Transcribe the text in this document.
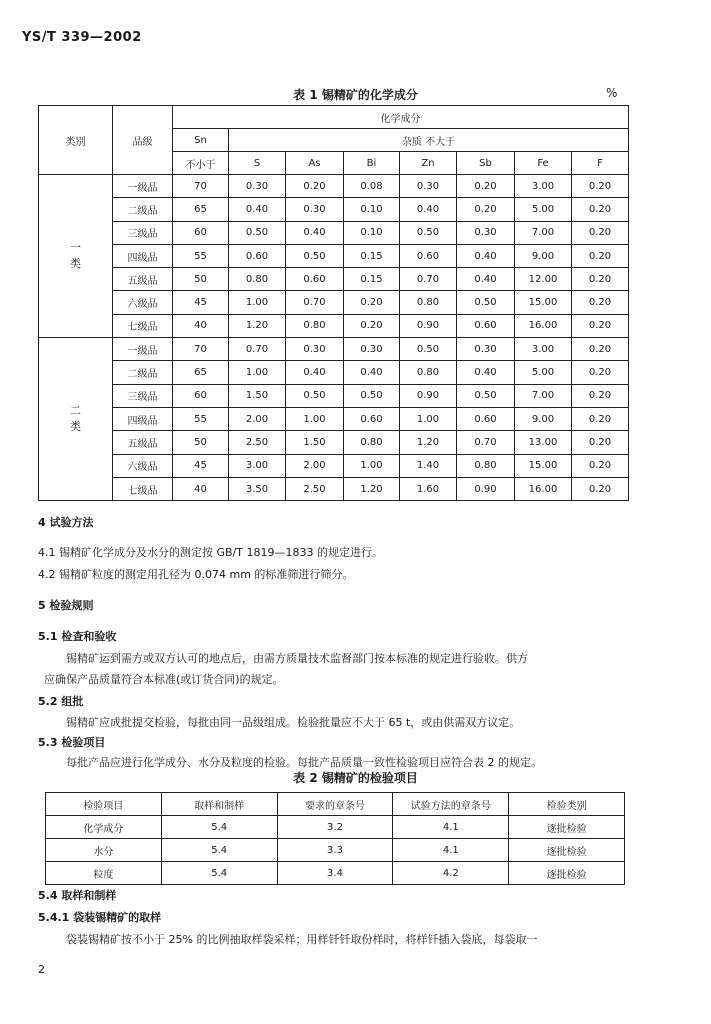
YS/T 339—2002
表 1 锡精矿的化学成分	%
类别	品级	化学成分							
		Sn	杂质 不大于						
		不小于	S	As	Bi	Zn	Sb	Fe	F

一
类	一级品	70	0.30	0.20	0.08	0.30	0.20	3.00	0.20
	二级品	65	0.40	0.30	0.10	0.40	0.20	5.00	0.20
	三级品	60	0.50	0.40	0.10	0.50	0.30	7.00	0.20
	四级品	55	0.60	0.50	0.15	0.60	0.40	9.00	0.20
	五级品	50	0.80	0.60	0.15	0.70	0.40	12.00	0.20
	六级品	45	1.00	0.70	0.20	0.80	0.50	15.00	0.20
	七级品	40	1.20	0.80	0.20	0.90	0.60	16.00	0.20

二
类	一级品	70	0.70	0.30	0.30	0.50	0.30	3.00	0.20
	二级品	65	1.00	0.40	0.40	0.80	0.40	5.00	0.20
	三级品	60	1.50	0.50	0.50	0.90	0.50	7.00	0.20
	四级品	55	2.00	1.00	0.60	1.00	0.60	9.00	0.20
	五级品	50	2.50	1.50	0.80	1.20	0.70	13.00	0.20
	六级品	45	3.00	2.00	1.00	1.40	0.80	15.00	0.20
	七级品	40	3.50	2.50	1.20	1.60	0.90	16.00	0.20
4 试验方法
4.1 锡精矿化学成分及水分的测定按 GB/T 1819—1833 的规定进行。
4.2 锡精矿粒度的测定用孔径为 0.074 mm 的标准筛进行筛分。
5 检验规则
5.1 检查和验收
锡精矿运到需方或双方认可的地点后，由需方质量技术监督部门按本标准的规定进行验收。供方
应确保产品质量符合本标准(或订货合同)的规定。
5.2 组批
锡精矿应成批提交检验，每批由同一品级组成。检验批量应不大于 65 t，或由供需双方议定。
5.3 检验项目
每批产品应进行化学成分、水分及粒度的检验。每批产品质量一致性检验项目应符合表 2 的规定。
表 2 锡精矿的检验项目
检验项目	取样和制样	要求的章条号	试验方法的章条号	检验类别
化学成分	5.4	3.2	4.1	逐批检验
水分	5.4	3.3	4.1	逐批检验
粒度	5.4	3.4	4.2	逐批检验
5.4 取样和制样
5.4.1 袋装锡精矿的取样
袋装锡精矿按不小于 25% 的比例抽取样袋采样；用样钎钎取份样时，将样钎插入袋底，每袋取一
2
